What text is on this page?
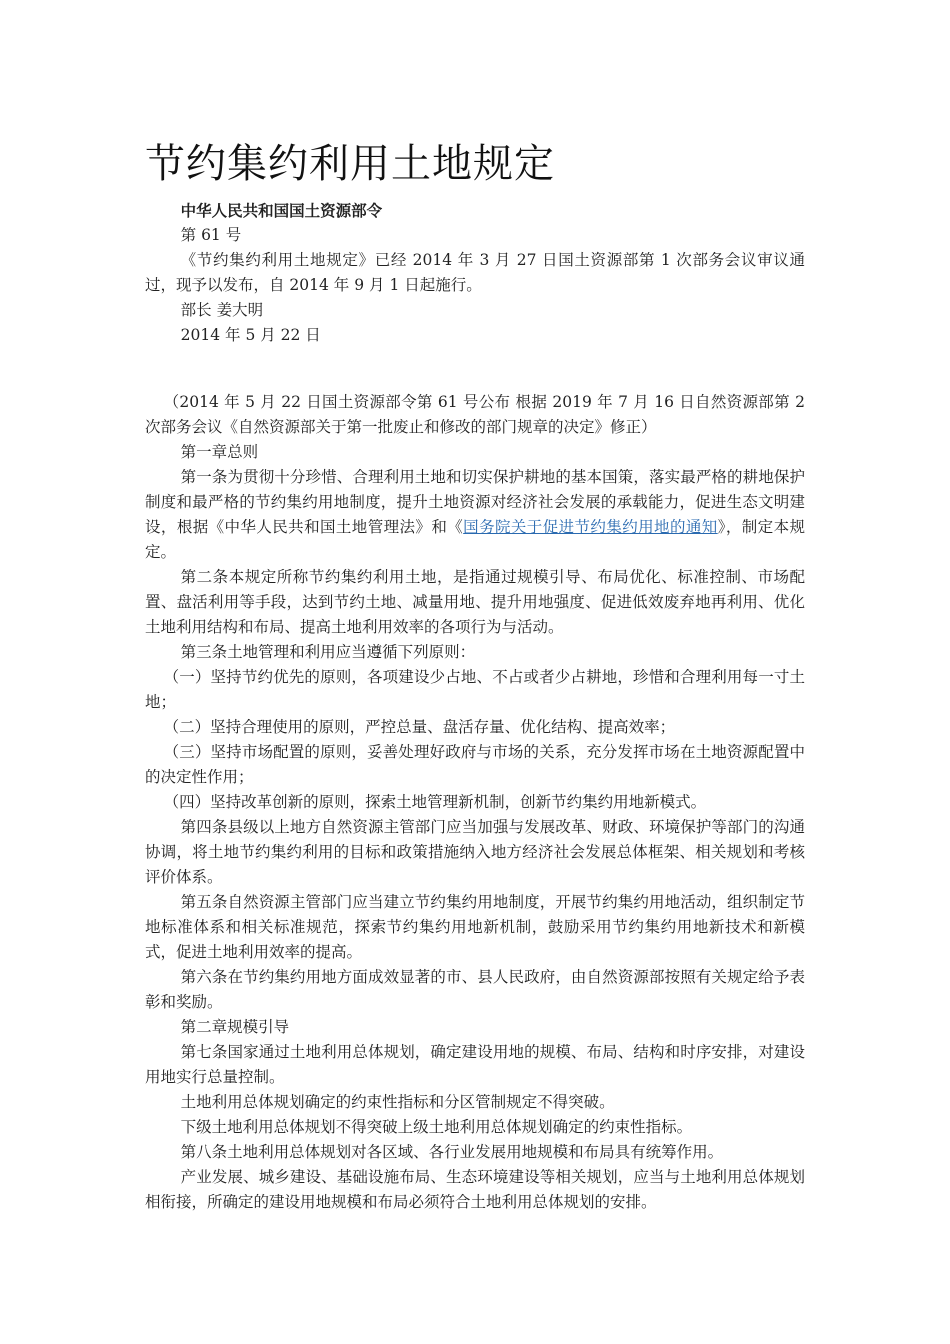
节约集约利用土地规定

中华人民共和国国土资源部令

第 61 号

《节约集约利用土地规定》已经 2014 年 3 月 27 日国土资源部第 1 次部务会议审议通过，现予以发布，自 2014 年 9 月 1 日起施行。

部长 姜大明

2014 年 5 月 22 日

（2014 年 5 月 22 日国土资源部令第 61 号公布 根据 2019 年 7 月 16 日自然资源部第 2 次部务会议《自然资源部关于第一批废止和修改的部门规章的决定》修正）

第一章总则

第一条为贯彻十分珍惜、合理利用土地和切实保护耕地的基本国策，落实最严格的耕地保护制度和最严格的节约集约用地制度，提升土地资源对经济社会发展的承载能力，促进生态文明建设，根据《中华人民共和国土地管理法》和《国务院关于促进节约集约用地的通知》，制定本规定。

第二条本规定所称节约集约利用土地，是指通过规模引导、布局优化、标准控制、市场配置、盘活利用等手段，达到节约土地、减量用地、提升用地强度、促进低效废弃地再利用、优化土地利用结构和布局、提高土地利用效率的各项行为与活动。

第三条土地管理和利用应当遵循下列原则：

（一）坚持节约优先的原则，各项建设少占地、不占或者少占耕地，珍惜和合理利用每一寸土地；

（二）坚持合理使用的原则，严控总量、盘活存量、优化结构、提高效率；

（三）坚持市场配置的原则，妥善处理好政府与市场的关系，充分发挥市场在土地资源配置中的决定性作用；

（四）坚持改革创新的原则，探索土地管理新机制，创新节约集约用地新模式。

第四条县级以上地方自然资源主管部门应当加强与发展改革、财政、环境保护等部门的沟通协调，将土地节约集约利用的目标和政策措施纳入地方经济社会发展总体框架、相关规划和考核评价体系。

第五条自然资源主管部门应当建立节约集约用地制度，开展节约集约用地活动，组织制定节地标准体系和相关标准规范，探索节约集约用地新机制，鼓励采用节约集约用地新技术和新模式，促进土地利用效率的提高。

第六条在节约集约用地方面成效显著的市、县人民政府，由自然资源部按照有关规定给予表彰和奖励。

第二章规模引导

第七条国家通过土地利用总体规划，确定建设用地的规模、布局、结构和时序安排，对建设用地实行总量控制。

土地利用总体规划确定的约束性指标和分区管制规定不得突破。

下级土地利用总体规划不得突破上级土地利用总体规划确定的约束性指标。

第八条土地利用总体规划对各区域、各行业发展用地规模和布局具有统筹作用。

产业发展、城乡建设、基础设施布局、生态环境建设等相关规划，应当与土地利用总体规划相衔接，所确定的建设用地规模和布局必须符合土地利用总体规划的安排。
